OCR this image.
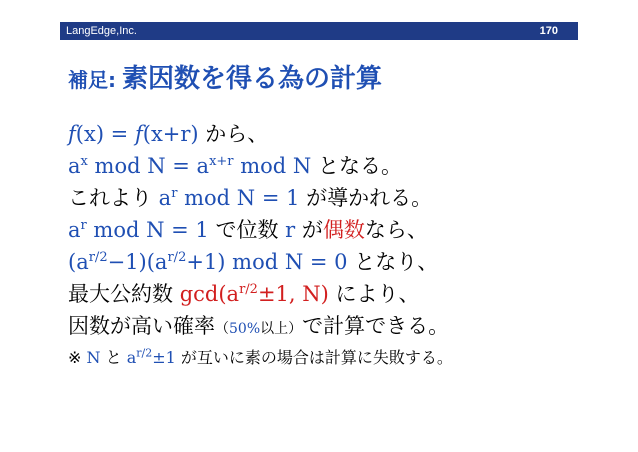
LangEdge,Inc.	170
補足: 素因数を得る為の計算
𝑓(x) = 𝑓(x+r) から、
$a^x$ mod $N = a^{x+r}$ mod N となる。
これより $a^r$ mod N = 1 が導かれる。
$a^r$ mod N = 1 で位数 r が偶数なら、
$(a^{r/2}-1)(a^{r/2}+1)$ mod N = 0 となり、
最大公約数 $\gcd(a^{r/2}\pm 1$, N) により、
因数が高い確率（50%以上）で計算できる。
※ N と $a^{r/2}\pm 1$ が互いに素の場合は計算に失敗する。
